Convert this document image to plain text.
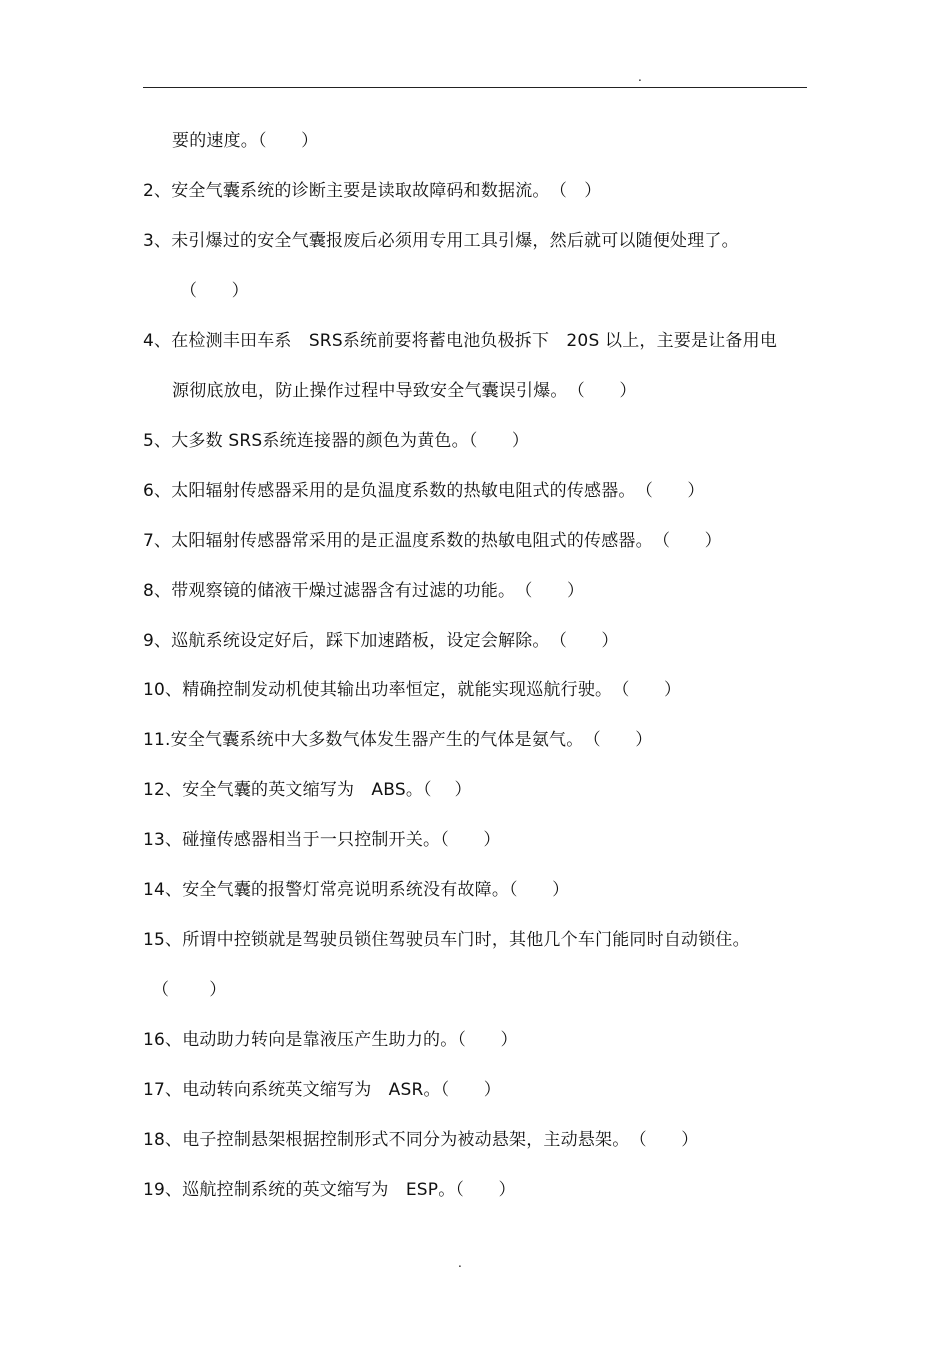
.
要的速度。（　　）
2、安全气囊系统的诊断主要是读取故障码和数据流。　（　）
3、未引爆过的安全气囊报废后必须用专用工具引爆，然后就可以随便处理了。
（　　）
4、在检测丰田车系　SRS系统前要将蓄电池负极拆下　20S 以上，主要是让备用电
源彻底放电，防止操作过程中导致安全气囊误引爆。　（　　）
5、大多数 SRS系统连接器的颜色为黄色。（　　）
6、太阳辐射传感器采用的是负温度系数的热敏电阻式的传感器。　（　　）
7、太阳辐射传感器常采用的是正温度系数的热敏电阻式的传感器。　（　　）
8、带观察镜的储液干燥过滤器含有过滤的功能。　（　　）
9、巡航系统设定好后，踩下加速踏板，设定会解除。　（　　）
10、精确控制发动机使其输出功率恒定，就能实现巡航行驶。　（　　）
11.安全气囊系统中大多数气体发生器产生的气体是氨气。　（　　）
12、安全气囊的英文缩写为　ABS。（　 ）
13、碰撞传感器相当于一只控制开关。（　　）
14、安全气囊的报警灯常亮说明系统没有故障。（　　）
15、所谓中控锁就是驾驶员锁住驾驶员车门时，其他几个车门能同时自动锁住。
（　　 ）
16、电动助力转向是靠液压产生助力的。（　　）
17、电动转向系统英文缩写为　ASR。（　　）
18、电子控制悬架根据控制形式不同分为被动悬架，主动悬架。　（　　）
19、巡航控制系统的英文缩写为　ESP。（　　）
.
